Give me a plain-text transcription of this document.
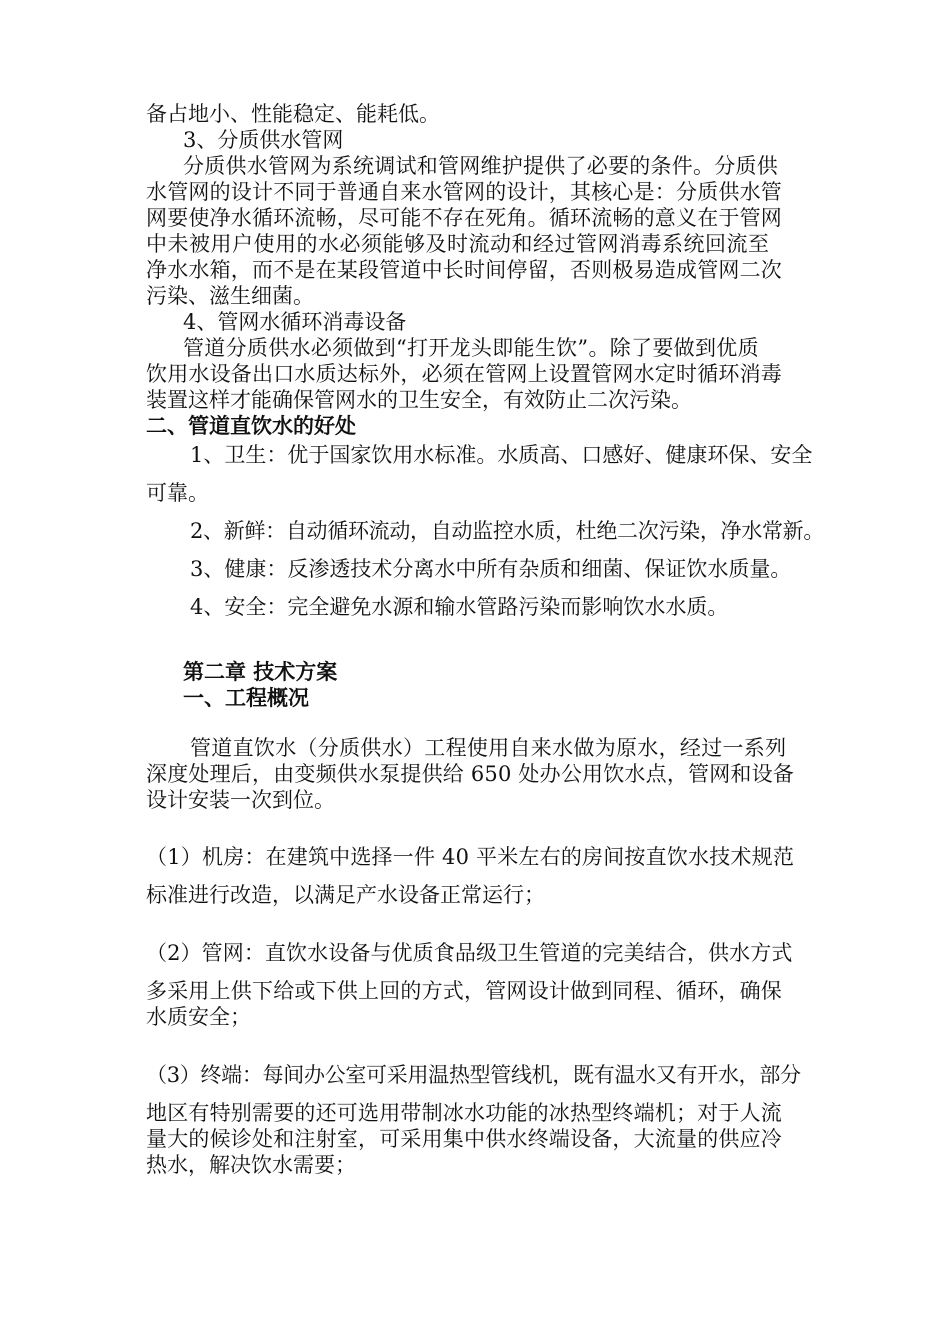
备占地小、性能稳定、能耗低。
3、分质供水管网
分质供水管网为系统调试和管网维护提供了必要的条件。分质供
水管网的设计不同于普通自来水管网的设计，其核心是：分质供水管
网要使净水循环流畅，尽可能不存在死角。循环流畅的意义在于管网
中未被用户使用的水必须能够及时流动和经过管网消毒系统回流至
净水水箱，而不是在某段管道中长时间停留，否则极易造成管网二次
污染、滋生细菌。
4、管网水循环消毒设备
管道分质供水必须做到“打开龙头即能生饮”。除了要做到优质
饮用水设备出口水质达标外，必须在管网上设置管网水定时循环消毒
装置这样才能确保管网水的卫生安全，有效防止二次污染。
二、管道直饮水的好处
1、卫生：优于国家饮用水标准。水质高、口感好、健康环保、安全
可靠。
2、新鲜：自动循环流动，自动监控水质，杜绝二次污染，净水常新。
3、健康：反渗透技术分离水中所有杂质和细菌、保证饮水质量。
4、安全：完全避免水源和输水管路污染而影响饮水水质。
第二章 技术方案
一、工程概况
管道直饮水（分质供水）工程使用自来水做为原水，经过一系列
深度处理后，由变频供水泵提供给 650 处办公用饮水点，管网和设备
设计安装一次到位。
（1）机房：在建筑中选择一件 40 平米左右的房间按直饮水技术规范
标准进行改造，以满足产水设备正常运行；
（2）管网：直饮水设备与优质食品级卫生管道的完美结合，供水方式
多采用上供下给或下供上回的方式，管网设计做到同程、循环，确保
水质安全；
（3）终端：每间办公室可采用温热型管线机，既有温水又有开水，部分
地区有特别需要的还可选用带制冰水功能的冰热型终端机；对于人流
量大的候诊处和注射室，可采用集中供水终端设备，大流量的供应冷
热水，解决饮水需要；
